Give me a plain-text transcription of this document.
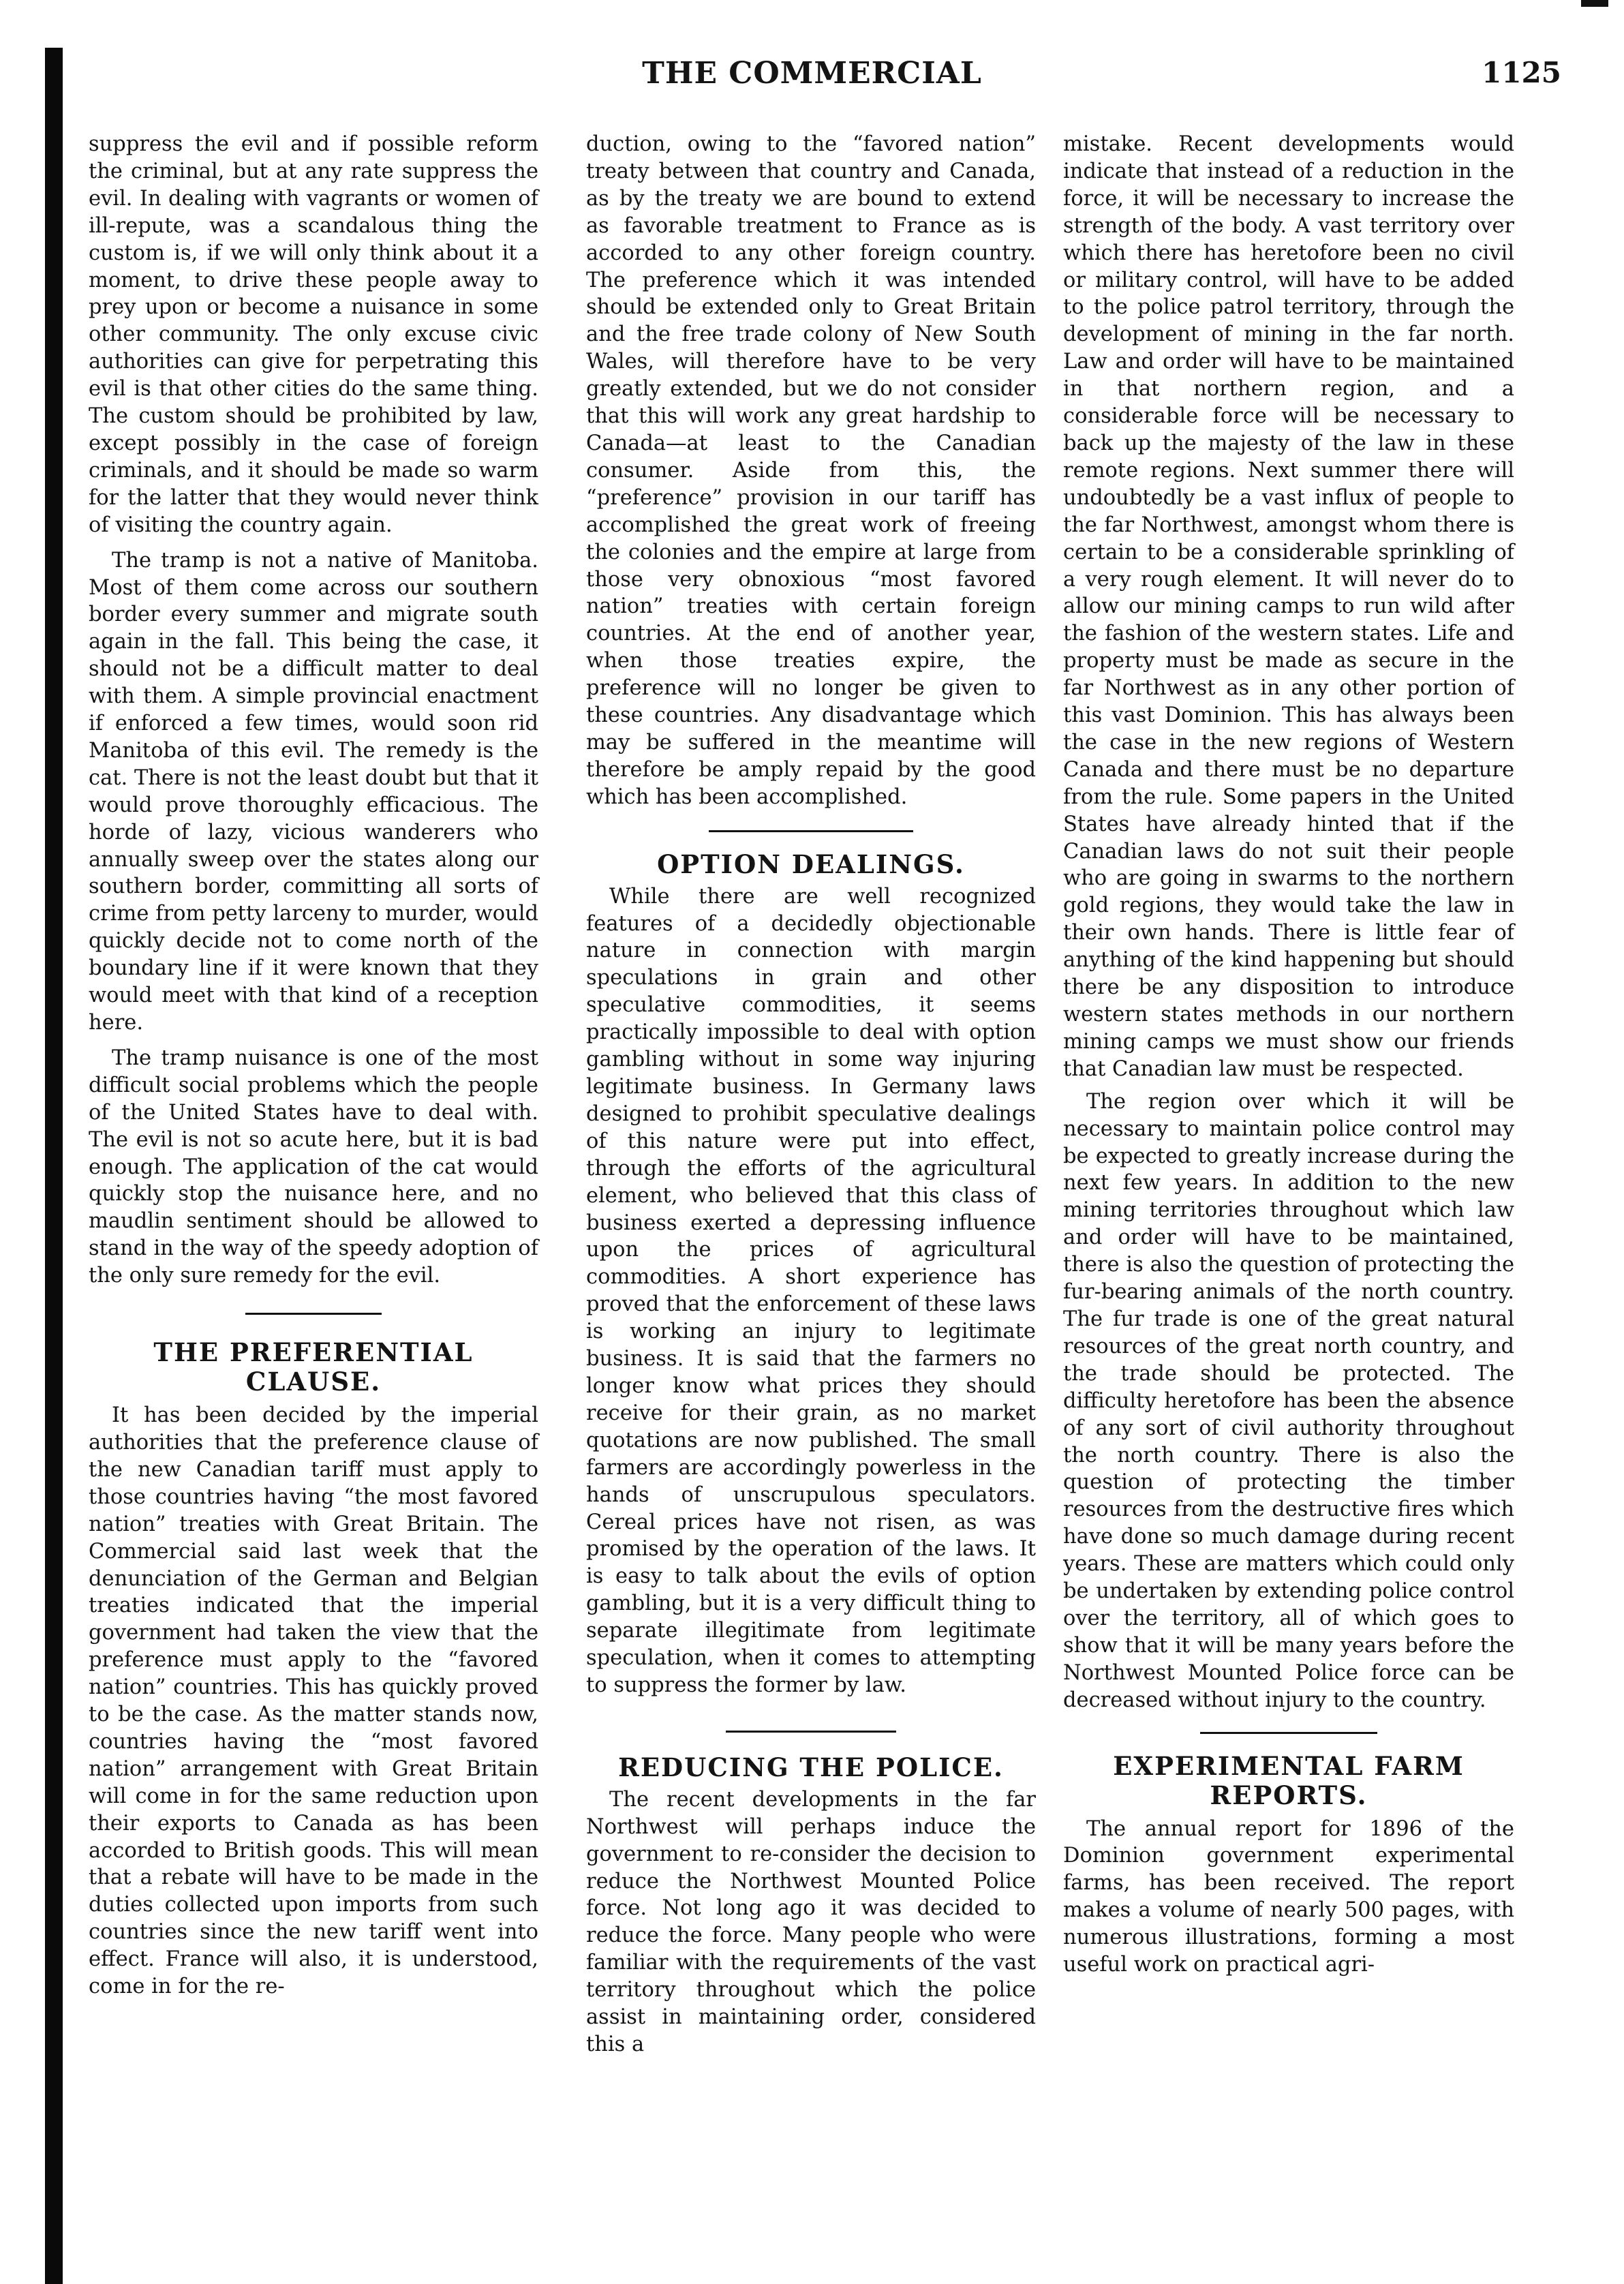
THE COMMERCIAL	1125

suppress the evil and if possible reform the criminal, but at any rate suppress the evil. In dealing with vagrants or women of ill-repute, was a scandalous thing the custom is, if we will only think about it a moment, to drive these people away to prey upon or become a nuisance in some other community. The only excuse civic authorities can give for perpetrating this evil is that other cities do the same thing. The custom should be prohibited by law, except possibly in the case of foreign criminals, and it should be made so warm for the latter that they would never think of visiting the country again.

The tramp is not a native of Manitoba. Most of them come across our southern border every summer and migrate south again in the fall. This being the case, it should not be a difficult matter to deal with them. A simple provincial enactment if enforced a few times, would soon rid Manitoba of this evil. The remedy is the cat. There is not the least doubt but that it would prove thoroughly efficacious. The horde of lazy, vicious wanderers who annually sweep over the states along our southern border, committing all sorts of crime from petty larceny to murder, would quickly decide not to come north of the boundary line if it were known that they would meet with that kind of a reception here.

The tramp nuisance is one of the most difficult social problems which the people of the United States have to deal with. The evil is not so acute here, but it is bad enough. The application of the cat would quickly stop the nuisance here, and no maudlin sentiment should be allowed to stand in the way of the speedy adoption of the only sure remedy for the evil.

THE PREFERENTIAL CLAUSE.

It has been decided by the imperial authorities that the preference clause of the new Canadian tariff must apply to those countries having “the most favored nation” treaties with Great Britain. The Commercial said last week that the denunciation of the German and Belgian treaties indicated that the imperial government had taken the view that the preference must apply to the “favored nation” countries. This has quickly proved to be the case. As the matter stands now, countries having the “most favored nation” arrangement with Great Britain will come in for the same reduction upon their exports to Canada as has been accorded to British goods. This will mean that a rebate will have to be made in the duties collected upon imports from such countries since the new tariff went into effect. France will also, it is understood, come in for the re-

duction, owing to the “favored nation” treaty between that country and Canada, as by the treaty we are bound to extend as favorable treatment to France as is accorded to any other foreign country. The preference which it was intended should be extended only to Great Britain and the free trade colony of New South Wales, will therefore have to be very greatly extended, but we do not consider that this will work any great hardship to Canada—at least to the Canadian consumer. Aside from this, the “preference” provision in our tariff has accomplished the great work of freeing the colonies and the empire at large from those very obnoxious “most favored nation” treaties with certain foreign countries. At the end of another year, when those treaties expire, the preference will no longer be given to these countries. Any disadvantage which may be suffered in the meantime will therefore be amply repaid by the good which has been accomplished.

OPTION DEALINGS.

While there are well recognized features of a decidedly objectionable nature in connection with margin speculations in grain and other speculative commodities, it seems practically impossible to deal with option gambling without in some way injuring legitimate business. In Germany laws designed to prohibit speculative dealings of this nature were put into effect, through the efforts of the agricultural element, who believed that this class of business exerted a depressing influence upon the prices of agricultural commodities. A short experience has proved that the enforcement of these laws is working an injury to legitimate business. It is said that the farmers no longer know what prices they should receive for their grain, as no market quotations are now published. The small farmers are accordingly powerless in the hands of unscrupulous speculators. Cereal prices have not risen, as was promised by the operation of the laws. It is easy to talk about the evils of option gambling, but it is a very difficult thing to separate illegitimate from legitimate speculation, when it comes to attempting to suppress the former by law.

REDUCING THE POLICE.

The recent developments in the far Northwest will perhaps induce the government to re-consider the decision to reduce the Northwest Mounted Police force. Not long ago it was decided to reduce the force. Many people who were familiar with the requirements of the vast territory throughout which the police assist in maintaining order, considered this a

mistake. Recent developments would indicate that instead of a reduction in the force, it will be necessary to increase the strength of the body. A vast territory over which there has heretofore been no civil or military control, will have to be added to the police patrol territory, through the development of mining in the far north. Law and order will have to be maintained in that northern region, and a considerable force will be necessary to back up the majesty of the law in these remote regions. Next summer there will undoubtedly be a vast influx of people to the far Northwest, amongst whom there is certain to be a considerable sprinkling of a very rough element. It will never do to allow our mining camps to run wild after the fashion of the western states. Life and property must be made as secure in the far Northwest as in any other portion of this vast Dominion. This has always been the case in the new regions of Western Canada and there must be no departure from the rule. Some papers in the United States have already hinted that if the Canadian laws do not suit their people who are going in swarms to the northern gold regions, they would take the law in their own hands. There is little fear of anything of the kind happening but should there be any disposition to introduce western states methods in our northern mining camps we must show our friends that Canadian law must be respected.

The region over which it will be necessary to maintain police control may be expected to greatly increase during the next few years. In addition to the new mining territories throughout which law and order will have to be maintained, there is also the question of protecting the fur-bearing animals of the north country. The fur trade is one of the great natural resources of the great north country, and the trade should be protected. The difficulty heretofore has been the absence of any sort of civil authority throughout the north country. There is also the question of protecting the timber resources from the destructive fires which have done so much damage during recent years. These are matters which could only be undertaken by extending police control over the territory, all of which goes to show that it will be many years before the Northwest Mounted Police force can be decreased without injury to the country.

EXPERIMENTAL FARM REPORTS.

The annual report for 1896 of the Dominion government experimental farms, has been received. The report makes a volume of nearly 500 pages, with numerous illustrations, forming a most useful work on practical agri-
